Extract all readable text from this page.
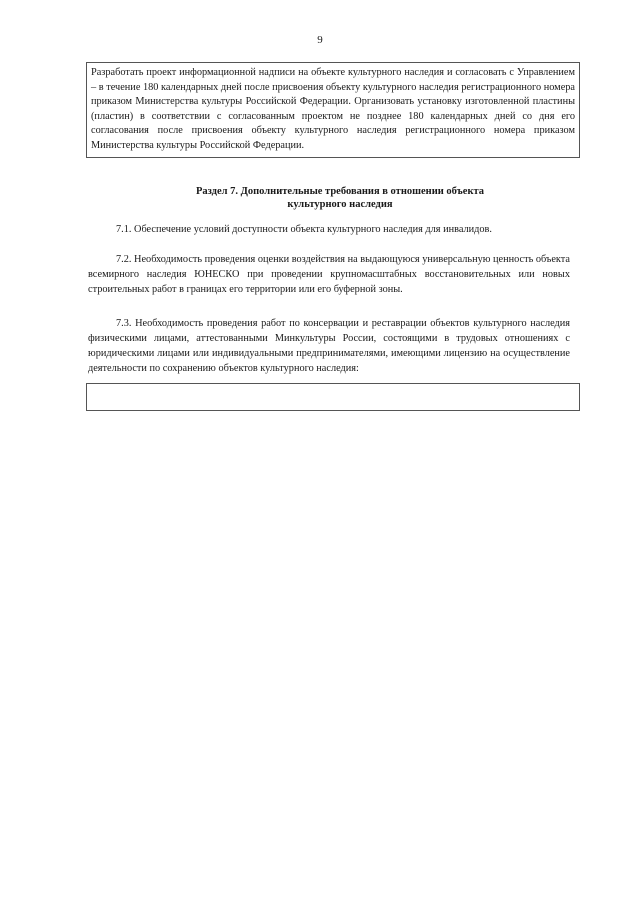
9
Разработать проект информационной надписи на объекте культурного наследия и согласовать с Управлением – в течение 180 календарных дней после присвоения объекту культурного наследия регистрационного номера приказом Министерства культуры Российской Федерации. Организовать установку изготовленной пластины (пластин) в соответствии с согласованным проектом не позднее 180 календарных дней со дня его согласования после присвоения объекту культурного наследия регистрационного номера приказом Министерства культуры Российской Федерации.
Раздел 7. Дополнительные требования в отношении объекта
культурного наследия

7.1. Обеспечение условий доступности объекта культурного наследия для инвалидов.

7.2. Необходимость проведения оценки воздействия на выдающуюся универсальную ценность объекта всемирного наследия ЮНЕСКО при проведении крупномасштабных восстановительных или новых строительных работ в границах его территории или его буферной зоны.

7.3. Необходимость проведения работ по консервации и реставрации объектов культурного наследия физическими лицами, аттестованными Минкультуры России, состоящими в трудовых отношениях с юридическими лицами или индивидуальными предпринимателями, имеющими лицензию на осуществление деятельности по сохранению объектов культурного наследия:
